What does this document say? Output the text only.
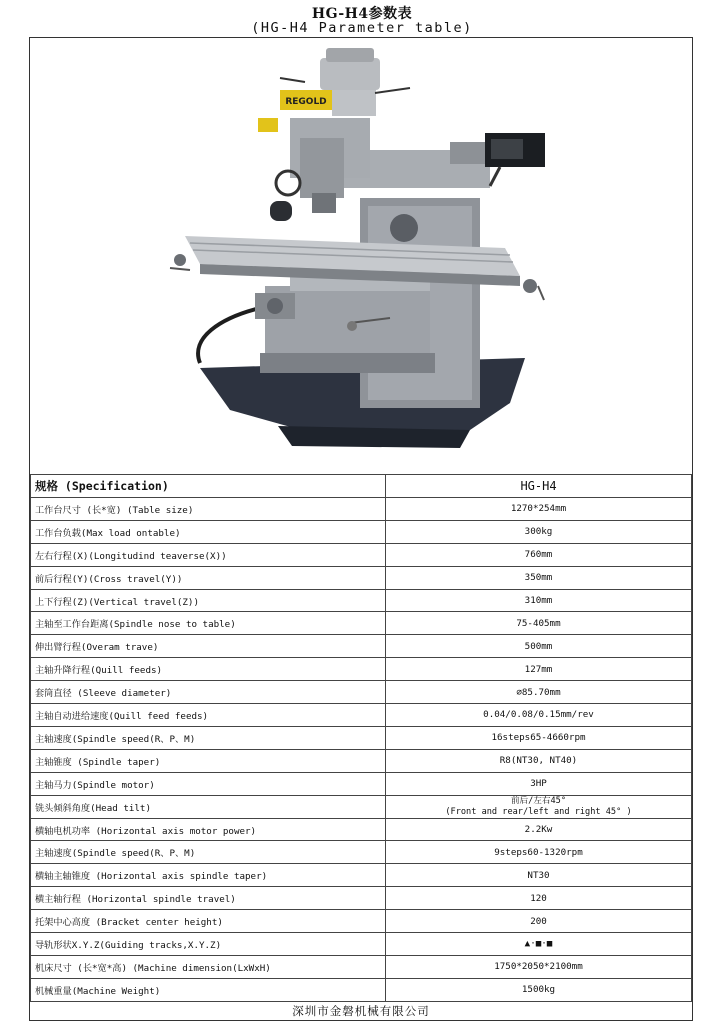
HG-H4参数表
(HG-H4 Parameter table)
REGOLD
规格 (Specification)	HG-H4
工作台尺寸 (长*宽) (Table size)	1270*254mm
工作台负载(Max load ontable)	300kg
左右行程(X)(Longitudind teaverse(X))	760mm
前后行程(Y)(Cross travel(Y))	350mm
上下行程(Z)(Vertical travel(Z))	310mm
主轴至工作台距离(Spindle nose to table)	75-405mm
伸出臂行程(Overam trave)	500mm
主轴升降行程(Quill feeds)	127mm
套筒直径 (Sleeve diameter)	∅85.70mm
主轴自动进给速度(Quill feed feeds)	0.04/0.08/0.15mm/rev
主轴速度(Spindle speed(R、P、M)	16steps65-4660rpm
主轴锥度 (Spindle taper)	R8(NT30, NT40)
主轴马力(Spindle motor)	3HP
铣头倾斜角度(Head tilt)	前后/左右45°
(Front and rear/left and right 45° )

横轴电机功率 (Horizontal axis motor power)	2.2Kw
主轴速度(Spindle speed(R、P、M)	9steps60-1320rpm
横轴主轴锥度 (Horizontal axis spindle taper)	NT30
横主轴行程 (Horizontal spindle travel)	120
托架中心高度 (Bracket center height)	200
导轨形状X.Y.Z(Guiding tracks,X.Y.Z)	▲·■·■
机床尺寸 (长*宽*高) (Machine dimension(LxWxH)	1750*2050*2100mm
机械重量(Machine Weight)	1500kg
深圳市金磐机械有限公司
